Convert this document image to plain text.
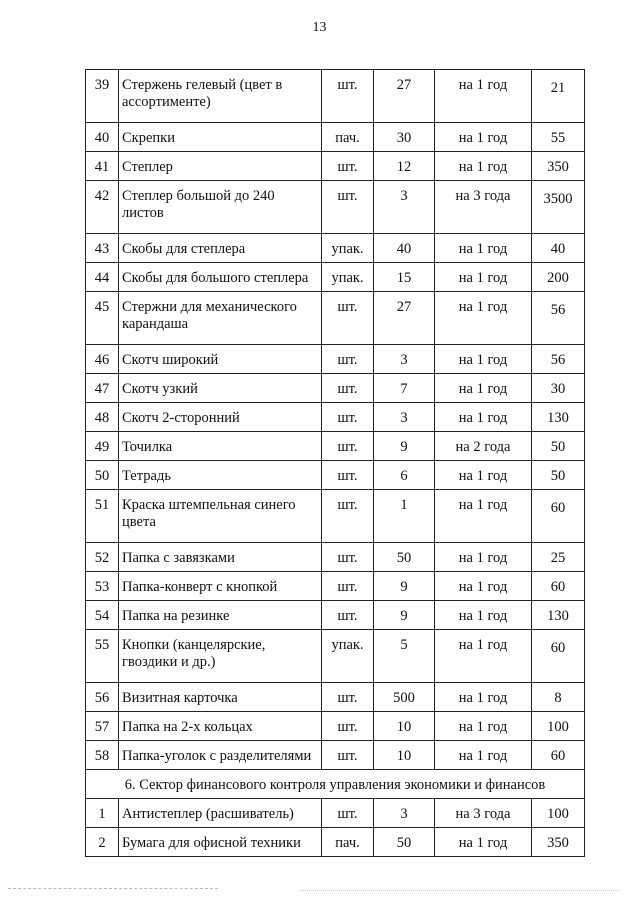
13
39	Стержень гелевый (цвет в ассортименте)	шт.	27	на 1 год	21
40	Скрепки	пач.	30	на 1 год	55
41	Степлер	шт.	12	на 1 год	350
42	Степлер большой до 240 листов	шт.	3	на 3 года	3500
43	Скобы для степлера	упак.	40	на 1 год	40
44	Скобы для большого степлера	упак.	15	на 1 год	200
45	Стержни для механического карандаша	шт.	27	на 1 год	56
46	Скотч широкий	шт.	3	на 1 год	56
47	Скотч узкий	шт.	7	на 1 год	30
48	Скотч 2-сторонний	шт.	3	на 1 год	130
49	Точилка	шт.	9	на 2 года	50
50	Тетрадь	шт.	6	на 1 год	50
51	Краска штемпельная синего цвета	шт.	1	на 1 год	60
52	Папка с завязками	шт.	50	на 1 год	25
53	Папка-конверт с кнопкой	шт.	9	на 1 год	60
54	Папка на резинке	шт.	9	на 1 год	130
55	Кнопки (канцелярские, гвоздики и др.)	упак.	5	на 1 год	60
56	Визитная карточка	шт.	500	на 1 год	8
57	Папка на 2-х кольцах	шт.	10	на 1 год	100
58	Папка-уголок с разделителями	шт.	10	на 1 год	60
6. Сектор финансового контроля управления экономики и финансов					
1	Антистеплер (расшиватель)	шт.	3	на 3 года	100
2	Бумага для офисной техники	пач.	50	на 1 год	350
